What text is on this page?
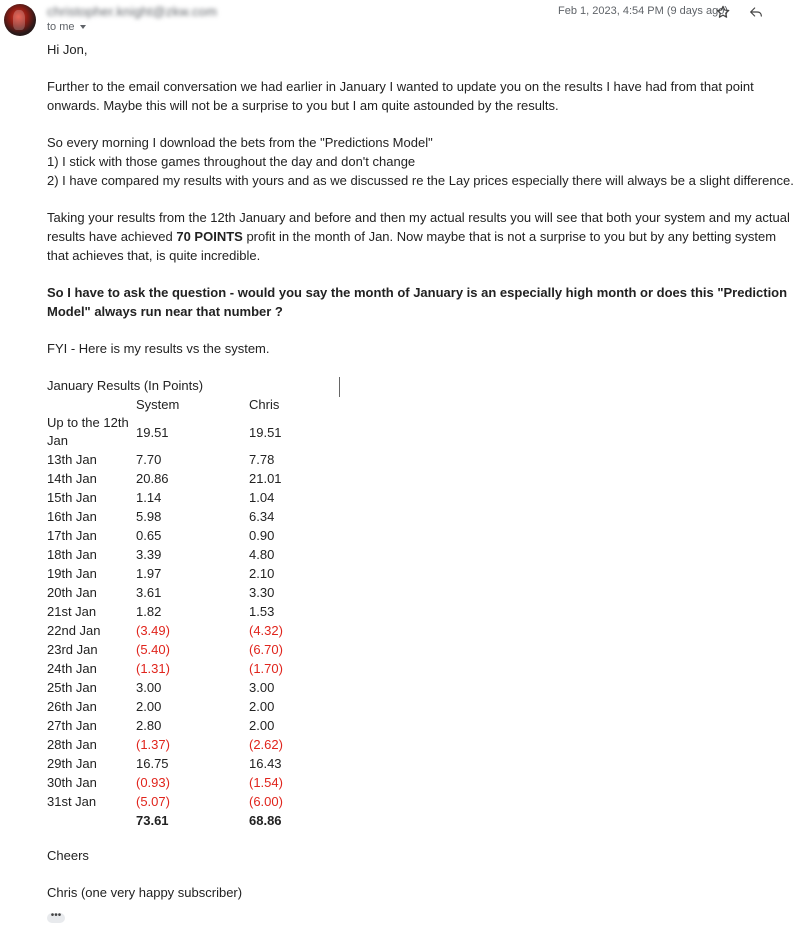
christopher.knight@zkw.com
to me
Feb 1, 2023, 4:54 PM (9 days ago)

Hi Jon,

Further to the email conversation we had earlier in January I wanted to update you on the results I have had from that point onwards. Maybe this will not be a surprise to you but I am quite astounded by the results.

So every morning I download the bets from the "Predictions Model"

1) I stick with those games throughout the day and don't change

2) I have compared my results with yours and as we discussed re the Lay prices especially there will always be a slight difference.

Taking your results from the 12th January and before and then my actual results you will see that both your system and my actual results have achieved 70 POINTS profit in the month of Jan. Now maybe that is not a surprise to you but by any betting system that achieves that, is quite incredible.

So I have to ask the question - would you say the month of January is an especially high month or does this "Prediction Model" always run near that number ?

FYI - Here is my results vs the system.

January Results (In Points)

	System	Chris
Up to the 12th Jan	19.51	19.51
13th Jan	7.70	7.78
14th Jan	20.86	21.01
15th Jan	1.14	1.04
16th Jan	5.98	6.34
17th Jan	0.65	0.90
18th Jan	3.39	4.80
19th Jan	1.97	2.10
20th Jan	3.61	3.30
21st Jan	1.82	1.53
22nd Jan	(3.49)	(4.32)
23rd Jan	(5.40)	(6.70)
24th Jan	(1.31)	(1.70)
25th Jan	3.00	3.00
26th Jan	2.00	2.00
27th Jan	2.80	2.00
28th Jan	(1.37)	(2.62)
29th Jan	16.75	16.43
30th Jan	(0.93)	(1.54)
31st Jan	(5.07)	(6.00)
	73.61	68.86

Cheers

Chris (one very happy subscriber)

•••
